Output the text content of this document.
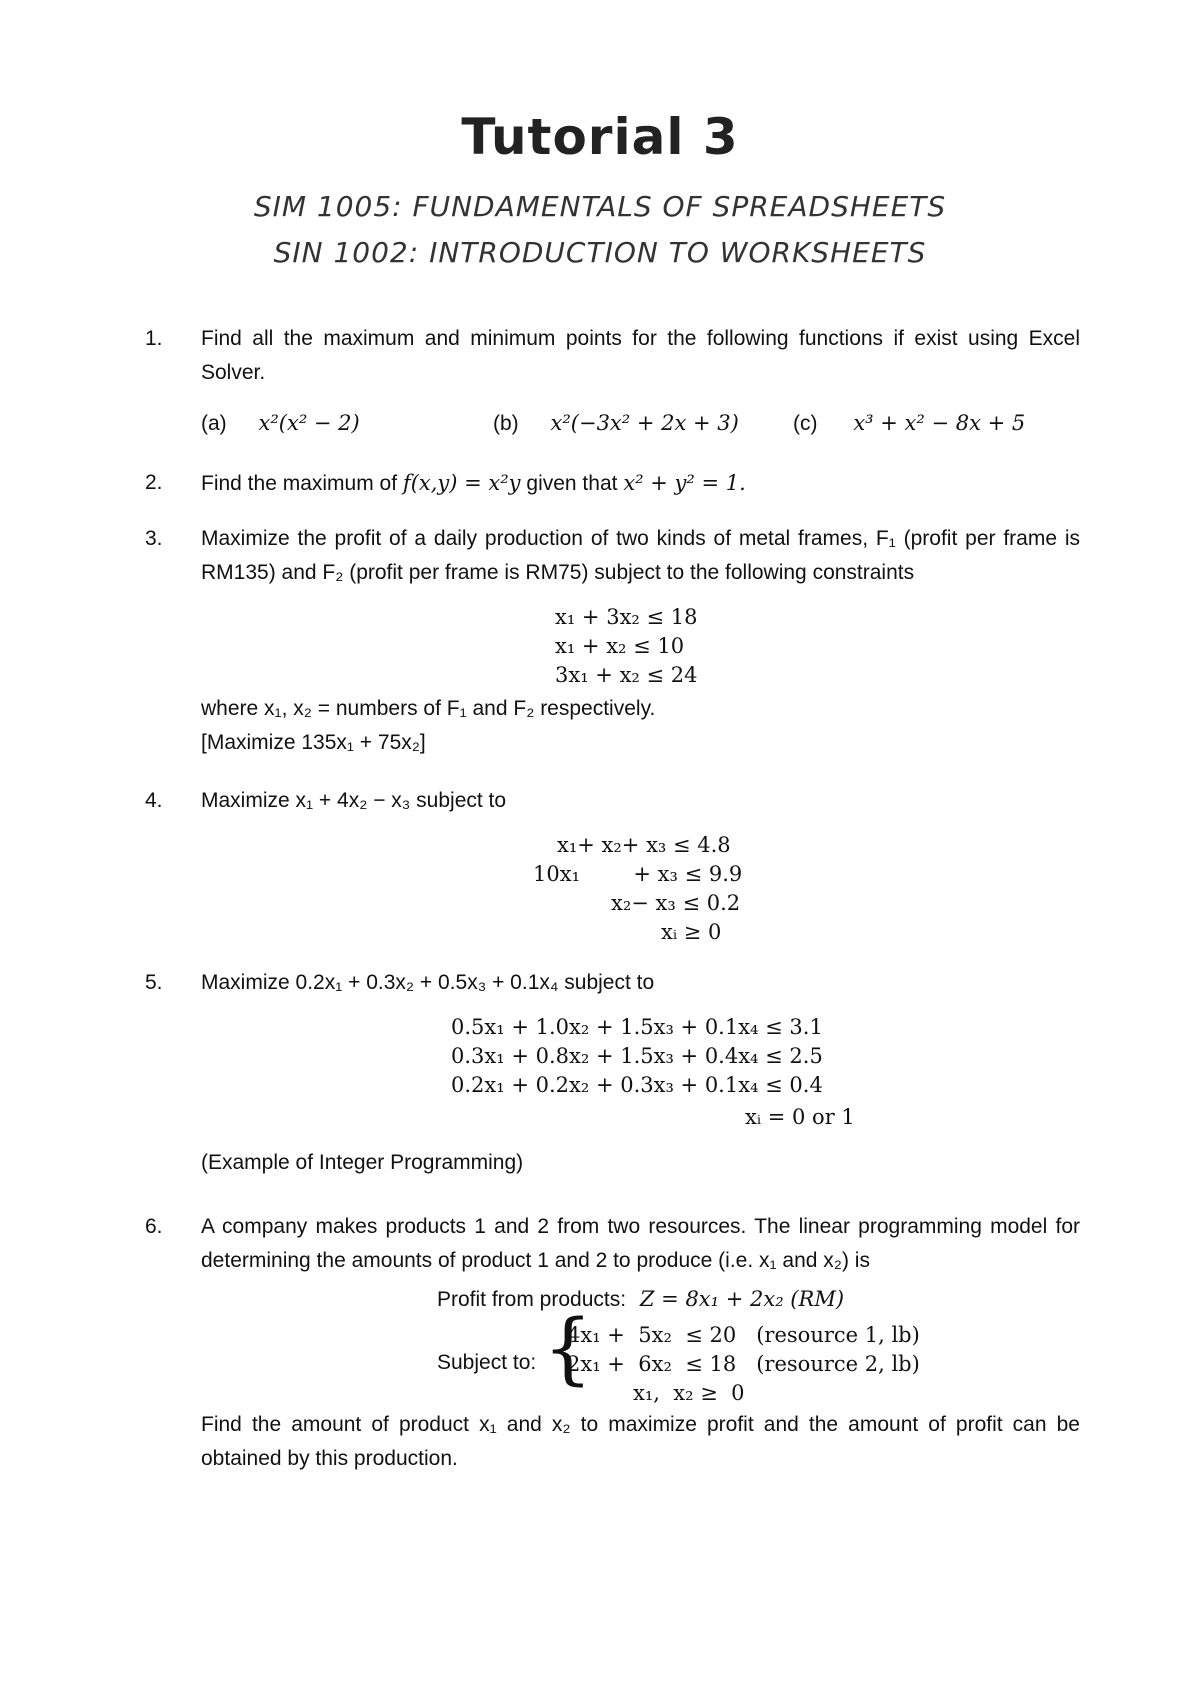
Tutorial 3
SIM 1005: FUNDAMENTALS OF SPREADSHEETS
SIN 1002: INTRODUCTION TO WORKSHEETS
1.	Find all the maximum and minimum points for the following functions if exist using Excel Solver.
(a) x²(x² − 2)	(b) x²(−3x² + 2x + 3)	(c) x³ + x² − 8x + 5
2.	Find the maximum of f(x,y) = x²y given that x² + y² = 1.
3.	Maximize the profit of a daily production of two kinds of metal frames, F₁ (profit per frame is RM135) and F₂ (profit per frame is RM75) subject to the following constraints
x₁ + 3x₂ ≤ 18
x₁ + x₂ ≤ 10
3x₁ + x₂ ≤ 24
where x₁, x₂ = numbers of F₁ and F₂ respectively.
[Maximize 135x₁ + 75x₂]
4.	Maximize x₁ + 4x₂ − x₃ subject to
x₁+ x₂+ x₃ ≤ 4.8
10x₁        + x₃ ≤ 9.9
x₂− x₃ ≤ 0.2
xᵢ ≥ 0
5.	Maximize 0.2x₁ + 0.3x₂ + 0.5x₃ + 0.1x₄ subject to
0.5x₁ + 1.0x₂ + 1.5x₃ + 0.1x₄ ≤ 3.1
0.3x₁ + 0.8x₂ + 1.5x₃ + 0.4x₄ ≤ 2.5
0.2x₁ + 0.2x₂ + 0.3x₃ + 0.1x₄ ≤ 0.4
xᵢ = 0 or 1
(Example of Integer Programming)
6.	A company makes products 1 and 2 from two resources. The linear programming model for determining the amounts of product 1 and 2 to produce (i.e. x₁ and x₂) is
Profit from products: Z = 8x₁ + 2x₂ (RM)
Subject to: {
4x₁ +  5x₂  ≤ 20   (resource 1, lb)
2x₁ +  6x₂  ≤ 18   (resource 2, lb)
x₁,  x₂ ≥  0
Find the amount of product x₁ and x₂ to maximize profit and the amount of profit can be obtained by this production.
